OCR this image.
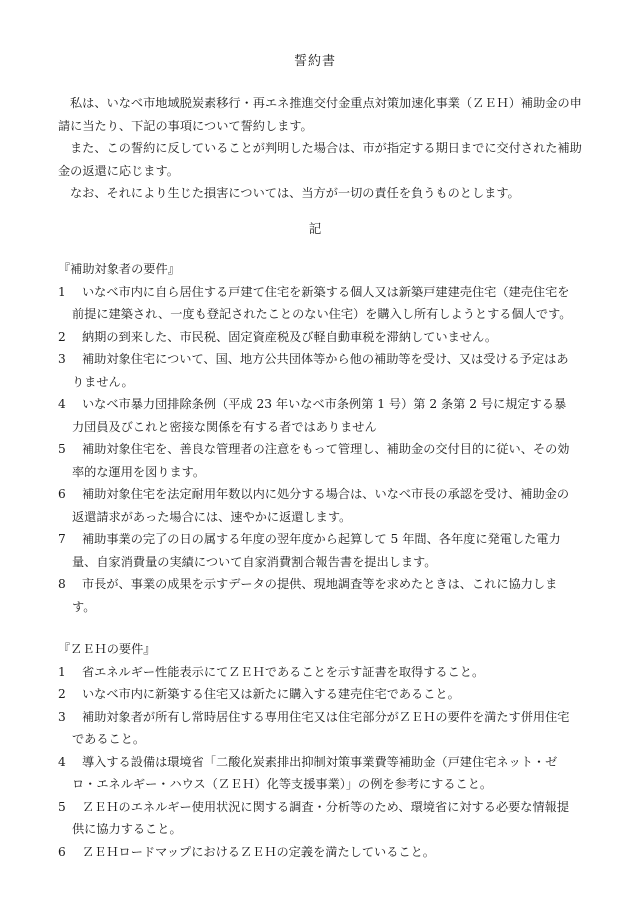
誓約書

私は、いなべ市地域脱炭素移行・再エネ推進交付金重点対策加速化事業（ＺＥＨ）補助金の申請に当たり、下記の事項について誓約します。

また、この誓約に反していることが判明した場合は、市が指定する期日までに交付された補助金の返還に応じます。

なお、それにより生じた損害については、当方が一切の責任を負うものとします。

記

『補助対象者の要件』

1	いなべ市内に自ら居住する戸建て住宅を新築する個人又は新築戸建建売住宅（建売住宅を前提に建築され、一度も登記されたことのない住宅）を購入し所有しようとする個人です。
2	納期の到来した、市民税、固定資産税及び軽自動車税を滞納していません。
3	補助対象住宅について、国、地方公共団体等から他の補助等を受け、又は受ける予定はありません。
4	いなべ市暴力団排除条例（平成 23 年いなべ市条例第 1 号）第 2 条第 2 号に規定する暴力団員及びこれと密接な関係を有する者ではありません
5	補助対象住宅を、善良な管理者の注意をもって管理し、補助金の交付目的に従い、その効率的な運用を図ります。
6	補助対象住宅を法定耐用年数以内に処分する場合は、いなべ市長の承認を受け、補助金の返還請求があった場合には、速やかに返還します。
7	補助事業の完了の日の属する年度の翌年度から起算して 5 年間、各年度に発電した電力量、自家消費量の実績について自家消費割合報告書を提出します。
8	市長が、事業の成果を示すデータの提供、現地調査等を求めたときは、これに協力します。

『ＺＥＨの要件』

1	省エネルギー性能表示にてＺＥＨであることを示す証書を取得すること。
2	いなべ市内に新築する住宅又は新たに購入する建売住宅であること。
3	補助対象者が所有し常時居住する専用住宅又は住宅部分がＺＥＨの要件を満たす併用住宅であること。
4	導入する設備は環境省「二酸化炭素排出抑制対策事業費等補助金（戸建住宅ネット・ゼロ・エネルギー・ハウス（ＺＥＨ）化等支援事業）」の例を参考にすること。
5	ＺＥＨのエネルギー使用状況に関する調査・分析等のため、環境省に対する必要な情報提供に協力すること。
6	ＺＥＨロードマップにおけるＺＥＨの定義を満たしていること。
